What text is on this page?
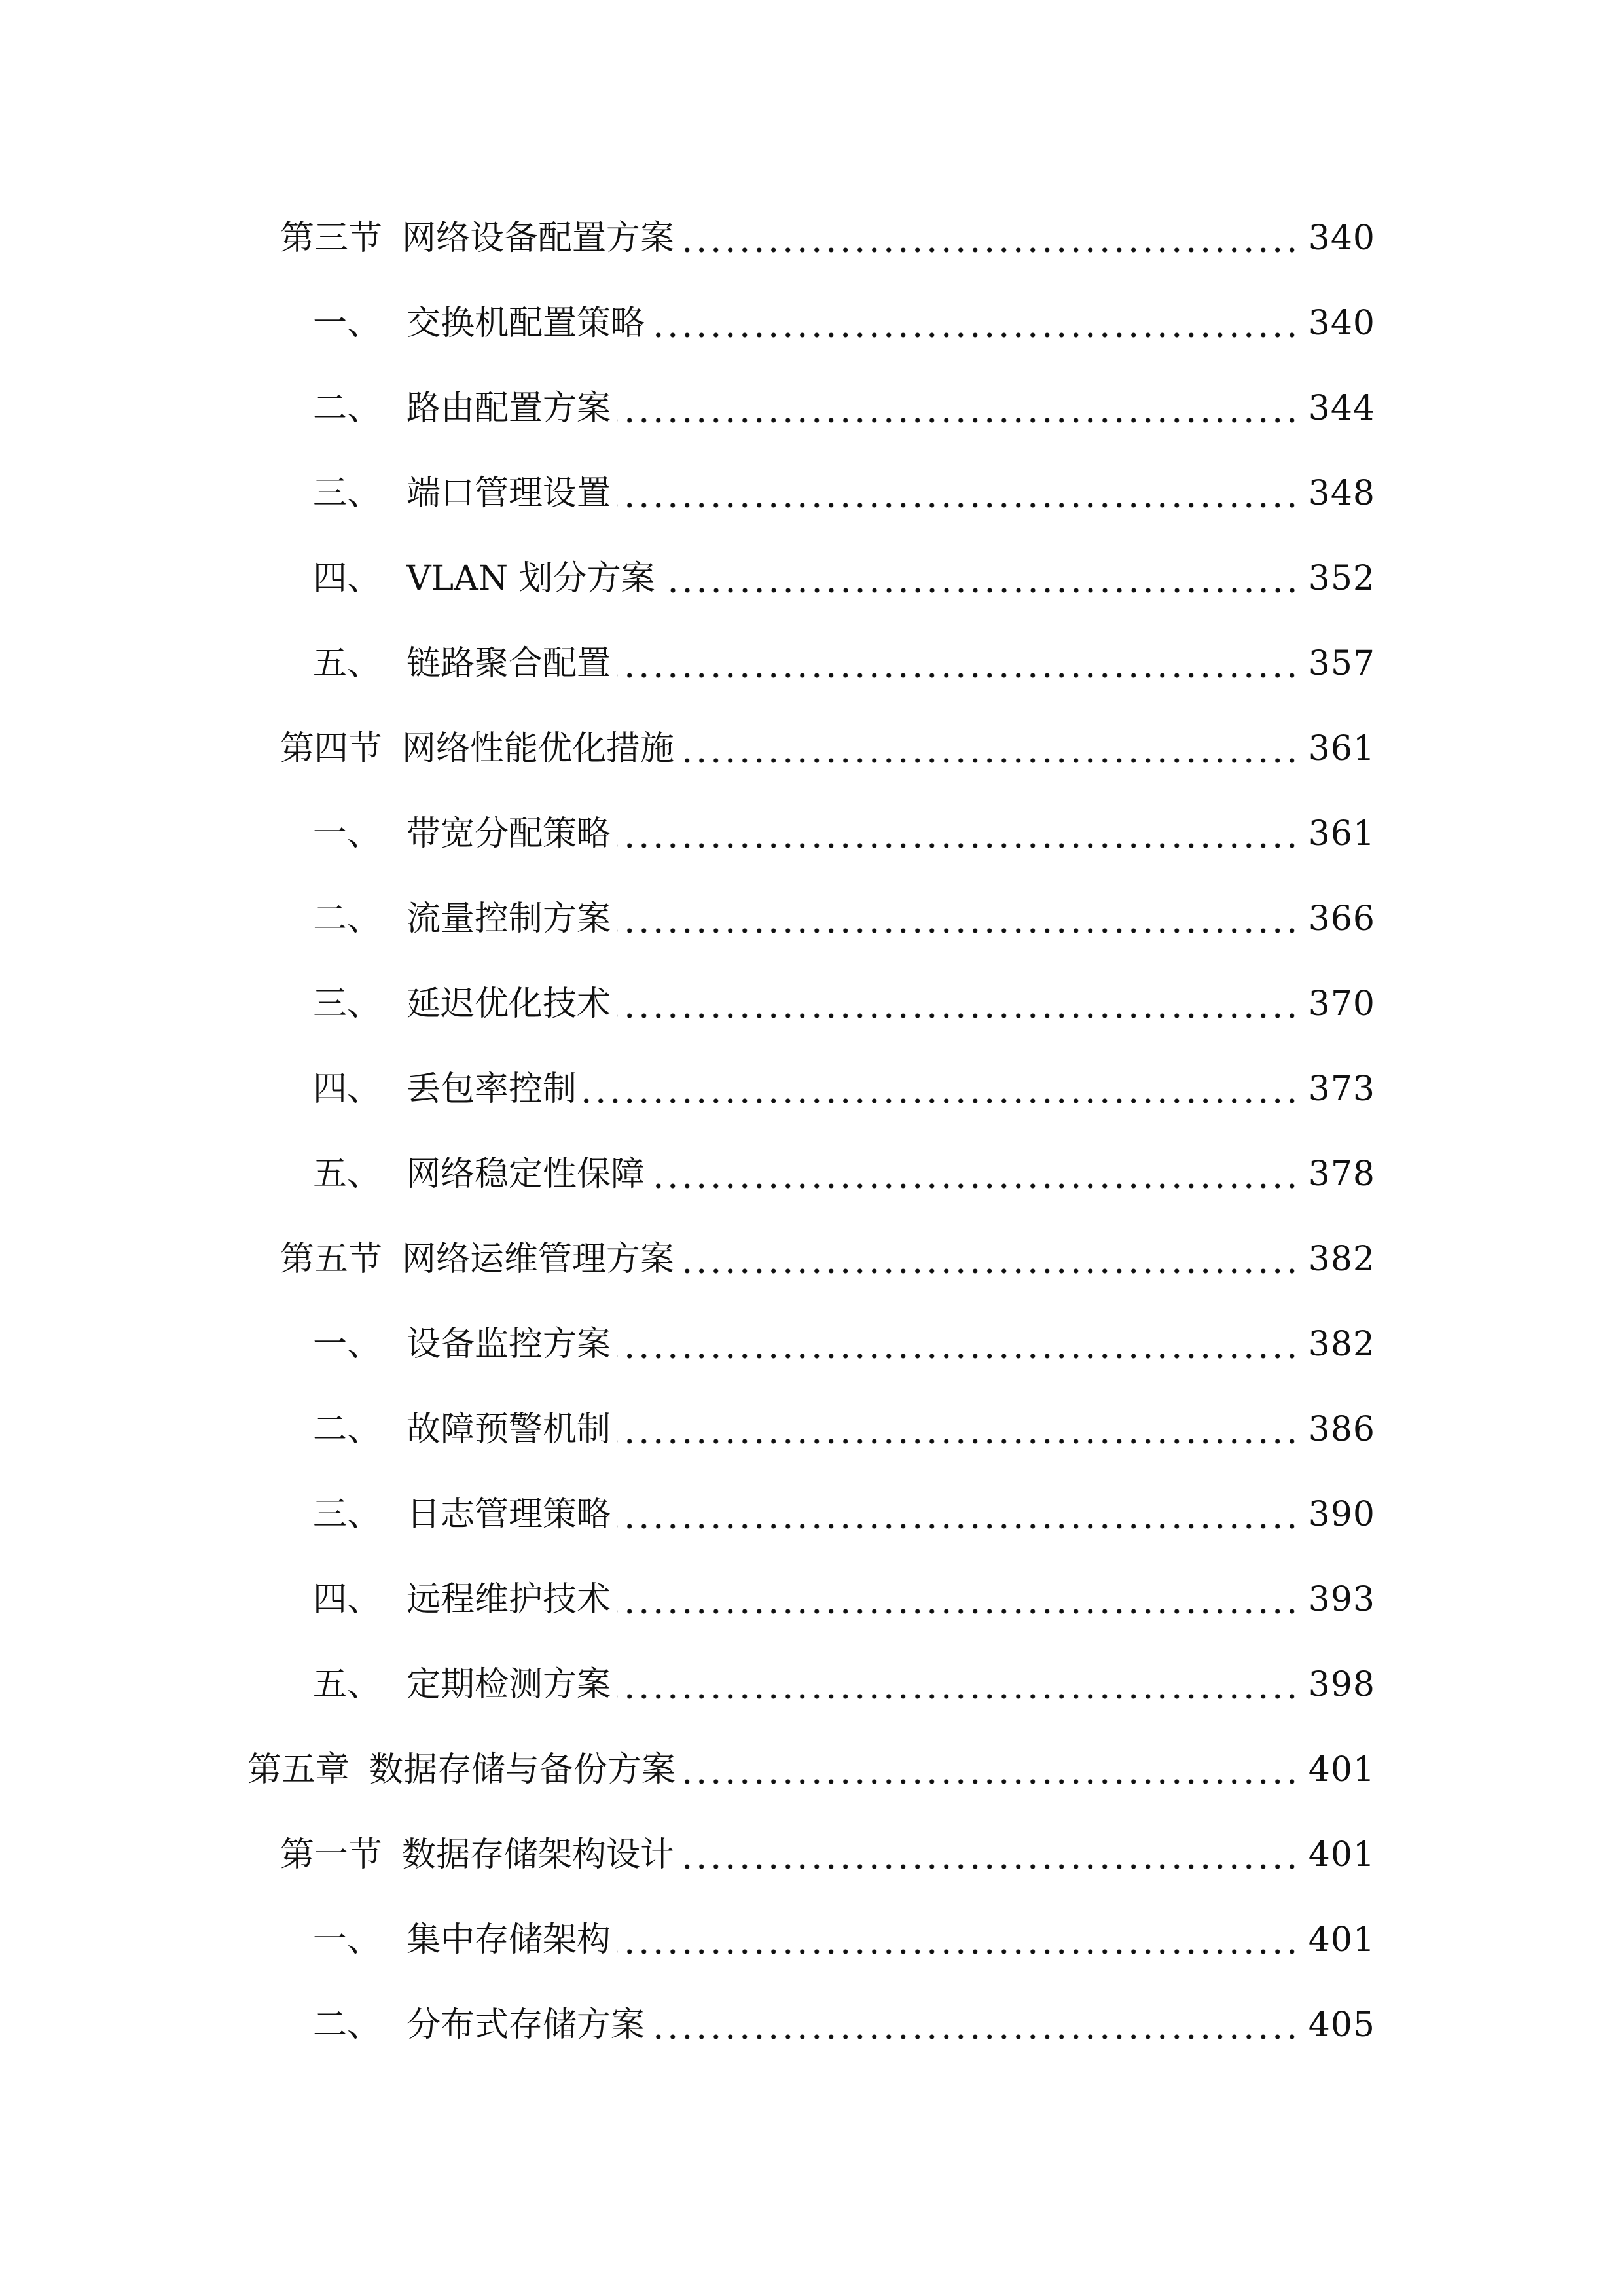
第三节 网络设备配置方案	340
一、 交换机配置策略	340
二、 路由配置方案	344
三、 端口管理设置	348
四、 VLAN 划分方案	352
五、 链路聚合配置	357
第四节 网络性能优化措施	361
一、 带宽分配策略	361
二、 流量控制方案	366
三、 延迟优化技术	370
四、 丢包率控制	373
五、 网络稳定性保障	378
第五节 网络运维管理方案	382
一、 设备监控方案	382
二、 故障预警机制	386
三、 日志管理策略	390
四、 远程维护技术	393
五、 定期检测方案	398
第五章 数据存储与备份方案	401
第一节 数据存储架构设计	401
一、 集中存储架构	401
二、 分布式存储方案	405
